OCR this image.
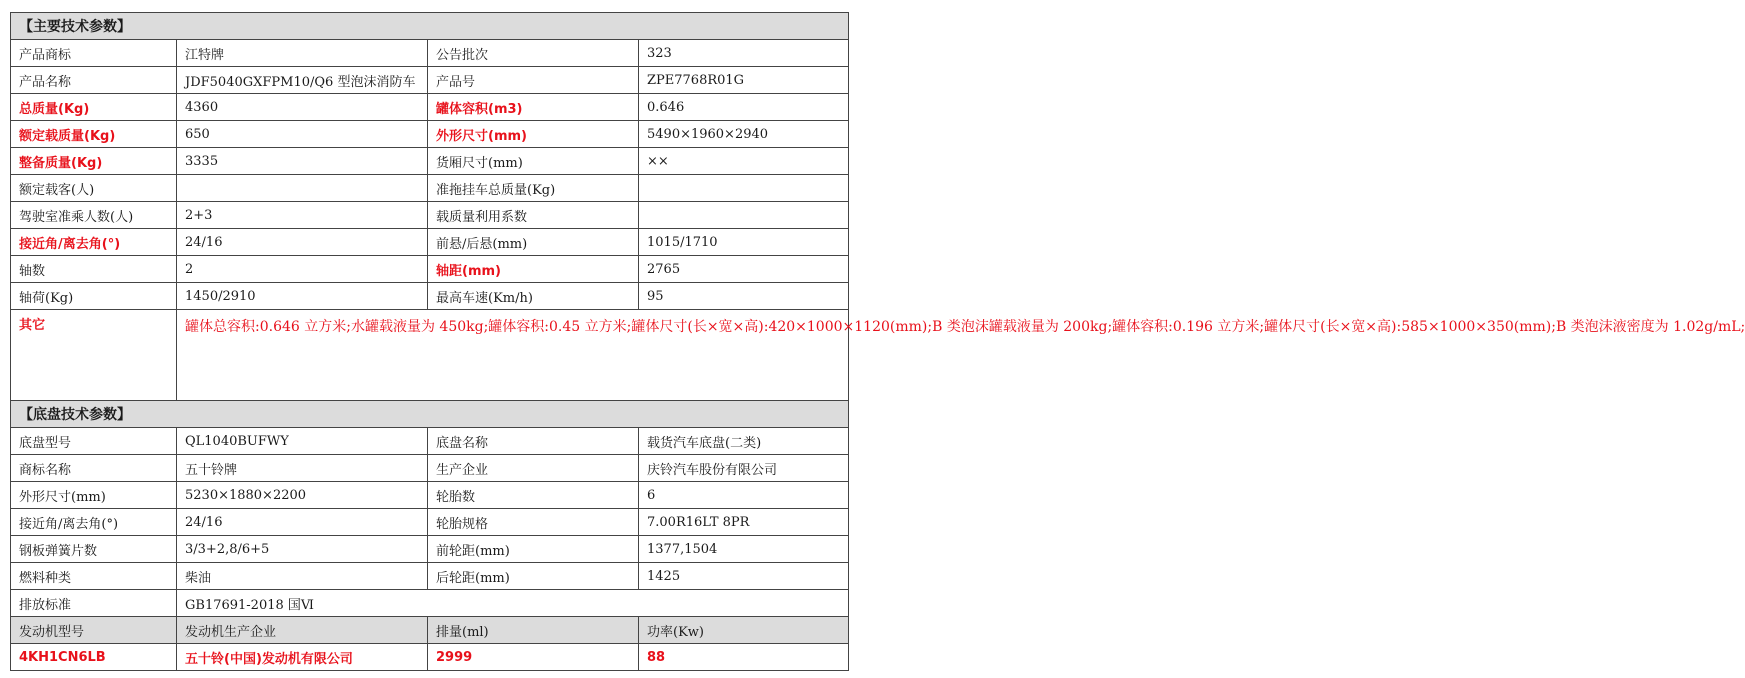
【主要技术参数】			
产品商标	江特牌	公告批次	323
产品名称	JDF5040GXFPM10/Q6 型泡沫消防车	产品号	ZPE7768R01G
总质量(Kg)	4360	罐体容积(m3)	0.646
额定载质量(Kg)	650	外形尺寸(mm)	5490×1960×2940
整备质量(Kg)	3335	货厢尺寸(mm)	××
额定载客(人)		准拖挂车总质量(Kg)	
驾驶室准乘人数(人)	2+3	载质量利用系数	
接近角/离去角(°)	24/16	前悬/后悬(mm)	1015/1710
轴数	2	轴距(mm)	2765
轴荷(Kg)	1450/2910	最高车速(Km/h)	95
其它	罐体总容积:0.646 立方米;水罐载液量为 450kg;罐体容积:0.45 立方米;罐体尺寸(长×宽×高):420×1000×1120(mm);B 类泡沫罐载液量为 200kg;罐体容积:0.196 立方米;罐体尺寸(长×宽×高):585×1000×350(mm);B 类泡沫液密度为 1.02g/mL;		
【底盘技术参数】			
底盘型号	QL1040BUFWY	底盘名称	载货汽车底盘(二类)
商标名称	五十铃牌	生产企业	庆铃汽车股份有限公司
外形尺寸(mm)	5230×1880×2200	轮胎数	6
接近角/离去角(°)	24/16	轮胎规格	7.00R16LT 8PR
钢板弹簧片数	3/3+2,8/6+5	前轮距(mm)	1377,1504
燃料种类	柴油	后轮距(mm)	1425
排放标准	GB17691-2018 国Ⅵ		
发动机型号	发动机生产企业	排量(ml)	功率(Kw)
4KH1CN6LB	五十铃(中国)发动机有限公司	2999	88
